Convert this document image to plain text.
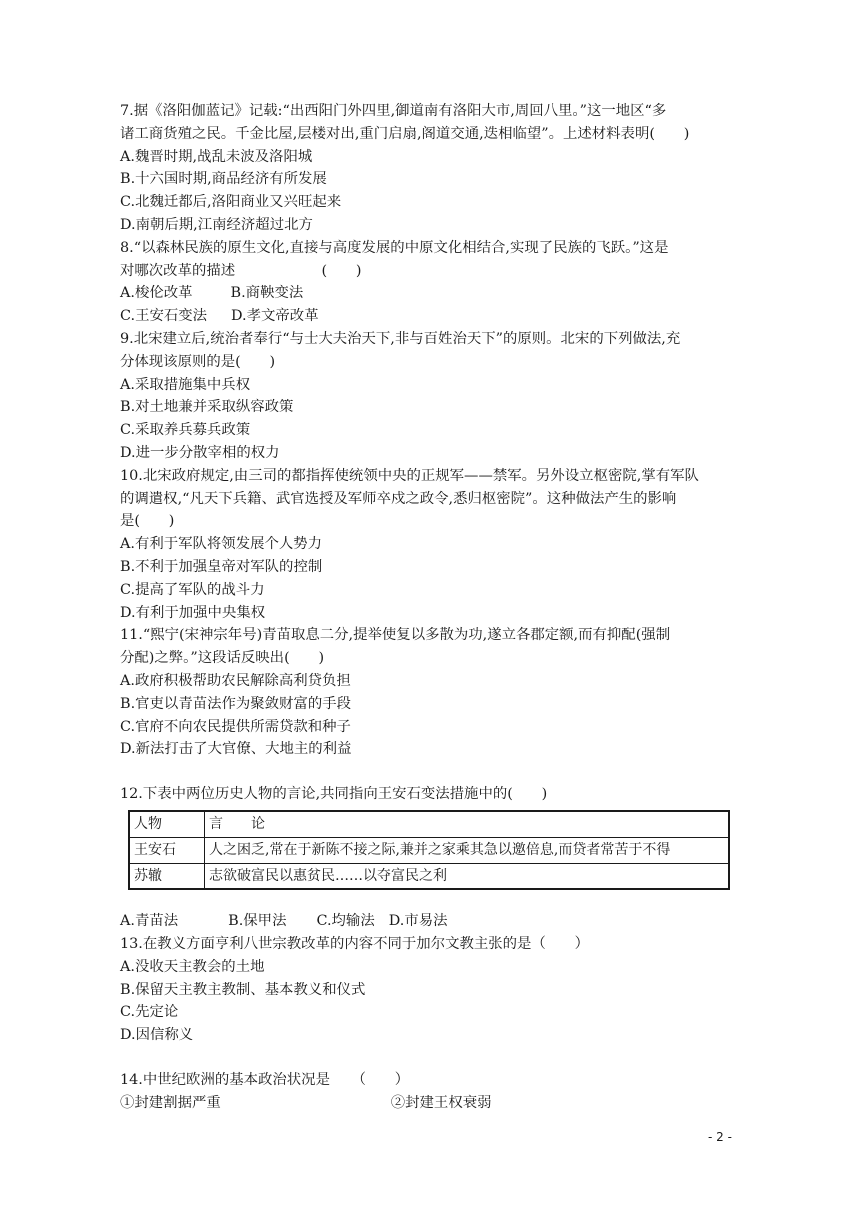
7.据《洛阳伽蓝记》记载:“出西阳门外四里,御道南有洛阳大市,周回八里。”这一地区“多
诸工商货殖之民。千金比屋,层楼对出,重门启扇,阁道交通,迭相临望”。上述材料表明(　　)
A.魏晋时期,战乱未波及洛阳城
B.十六国时期,商品经济有所发展
C.北魏迁都后,洛阳商业又兴旺起来
D.南朝后期,江南经济超过北方
8.“以森林民族的原生文化,直接与高度发展的中原文化相结合,实现了民族的飞跃。”这是
对哪次改革的描述　　　　　　(　　)
A.梭伦改革	B.商鞅变法
C.王安石变法 D.孝文帝改革
9.北宋建立后,统治者奉行“与士大夫治天下,非与百姓治天下”的原则。北宋的下列做法,充
分体现该原则的是(　　)
A.采取措施集中兵权
B.对土地兼并采取纵容政策
C.采取养兵募兵政策
D.进一步分散宰相的权力
10.北宋政府规定,由三司的都指挥使统领中央的正规军——禁军。另外设立枢密院,掌有军队
的调遣权,“凡天下兵籍、武官选授及军师卒戍之政令,悉归枢密院”。这种做法产生的影响
是(　　)
A.有利于军队将领发展个人势力
B.不利于加强皇帝对军队的控制
C.提高了军队的战斗力
D.有利于加强中央集权
11.“熙宁(宋神宗年号)青苗取息二分,提举使复以多散为功,遂立各郡定额,而有抑配(强制
分配)之弊。”这段话反映出(　　)
A.政府积极帮助农民解除高利贷负担
B.官吏以青苗法作为聚敛财富的手段
C.官府不向农民提供所需贷款和种子
D.新法打击了大官僚、大地主的利益
12.下表中两位历史人物的言论,共同指向王安石变法措施中的(　　)
人物	言　　论
王安石	人之困乏,常在于新陈不接之际,兼并之家乘其急以邀倍息,而贷者常苦于不得
苏辙	志欲破富民以惠贫民……以夺富民之利
A.青苗法	B.保甲法 C.均输法 D.市易法
13.在教义方面亨利八世宗教改革的内容不同于加尔文教主张的是（　　）
A.没收天主教会的土地
B.保留天主教主教制、基本教义和仪式
C.先定论
D.因信称义
14.中世纪欧洲的基本政治状况是　　（　　）
①封建割据严重	②封建王权衰弱
- 2 -
